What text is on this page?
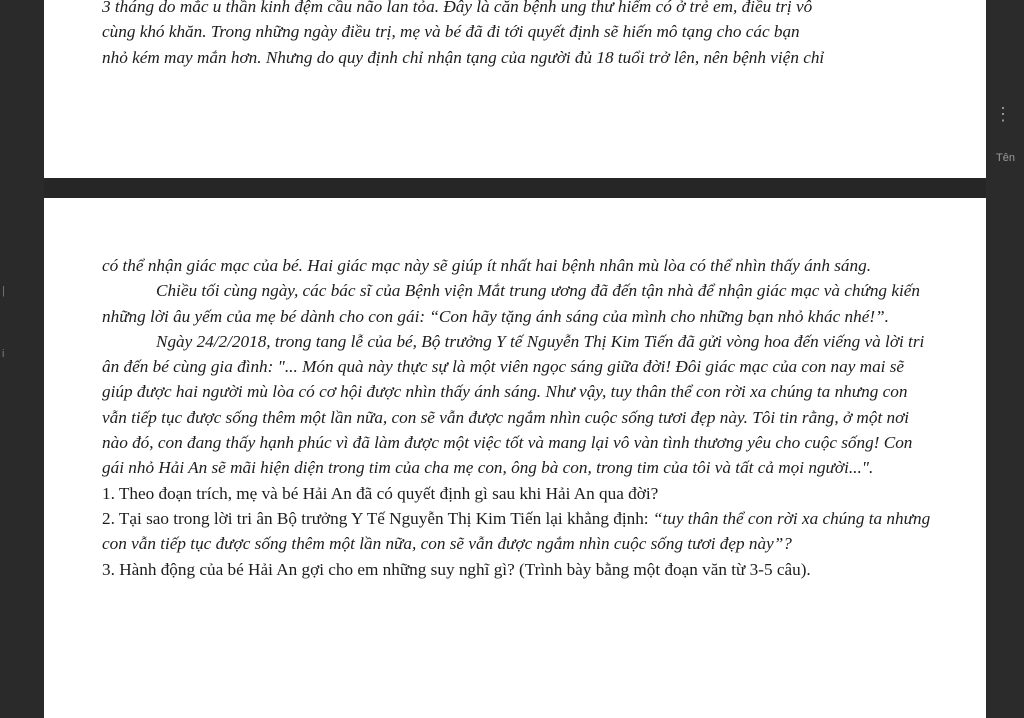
|
i
⋮
Tên

3 tháng do mắc u thần kinh đệm cầu não lan tỏa. Đây là căn bệnh ung thư hiếm có ở trẻ em, điều trị vô

cùng khó khăn. Trong những ngày điều trị, mẹ và bé đã đi tới quyết định sẽ hiến mô tạng cho các bạn

nhỏ kém may mắn hơn. Nhưng do quy định chỉ nhận tạng của người đủ 18 tuổi trở lên, nên bệnh viện chỉ

có thể nhận giác mạc của bé. Hai giác mạc này sẽ giúp ít nhất hai bệnh nhân mù lòa có thể nhìn thấy ánh sáng.

Chiều tối cùng ngày, các bác sĩ của Bệnh viện Mắt trung ương đã đến tận nhà để nhận giác mạc và chứng kiến những lời âu yếm của mẹ bé dành cho con gái: “Con hãy tặng ánh sáng của mình cho những bạn nhỏ khác nhé!”.

Ngày 24/2/2018, trong tang lễ của bé, Bộ trưởng Y tế Nguyễn Thị Kim Tiến đã gửi vòng hoa đến viếng và lời tri ân đến bé cùng gia đình: "... Món quà này thực sự là một viên ngọc sáng giữa đời! Đôi giác mạc của con nay mai sẽ giúp được hai người mù lòa có cơ hội được nhìn thấy ánh sáng. Như vậy, tuy thân thể con rời xa chúng ta nhưng con vẫn tiếp tục được sống thêm một lần nữa, con sẽ vẫn được ngắm nhìn cuộc sống tươi đẹp này. Tôi tin rằng, ở một nơi nào đó, con đang thấy hạnh phúc vì đã làm được một việc tốt và mang lại vô vàn tình thương yêu cho cuộc sống! Con gái nhỏ Hải An sẽ mãi hiện diện trong tim của cha mẹ con, ông bà con, trong tim của tôi và tất cả mọi người...".

1. Theo đoạn trích, mẹ và bé Hải An đã có quyết định gì sau khi Hải An qua đời?

2. Tại sao trong lời tri ân Bộ trưởng Y Tế Nguyễn Thị Kim Tiến lại khẳng định: “tuy thân thể con rời xa chúng ta nhưng con vẫn tiếp tục được sống thêm một lần nữa, con sẽ vẫn được ngắm nhìn cuộc sống tươi đẹp này”?

3. Hành động của bé Hải An gợi cho em những suy nghĩ gì? (Trình bày bằng một đoạn văn từ 3-5 câu).
